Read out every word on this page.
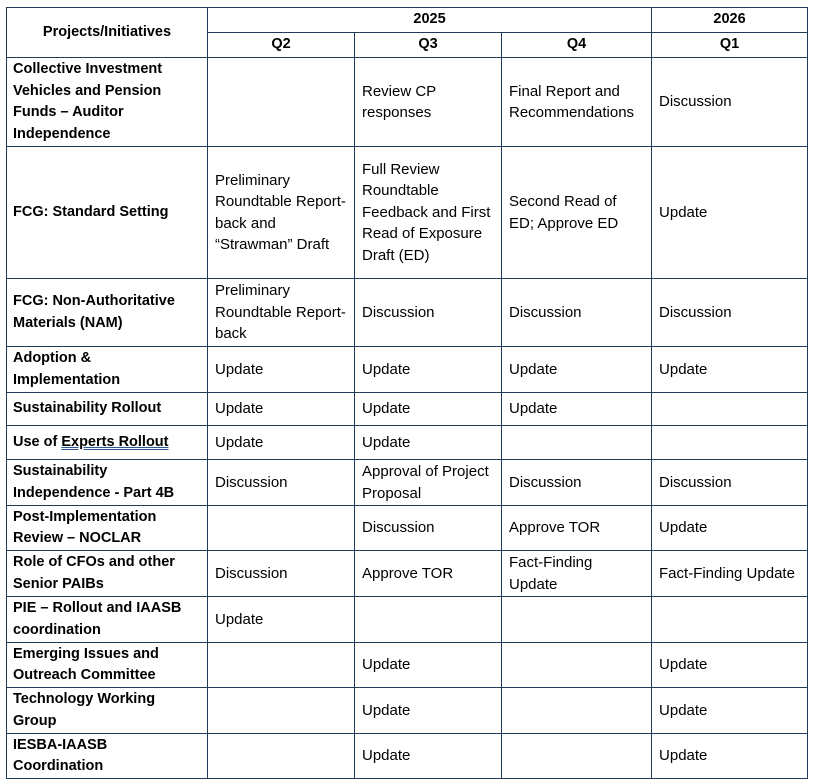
Projects/Initiatives	2025			2026
	Q2	Q3	Q4	Q1
Collective Investment Vehicles and Pension Funds – Auditor Independence		Review CP responses	Final Report and Recommendations	Discussion
FCG: Standard Setting	Preliminary Roundtable Report-back and “Strawman” Draft	Full Review Roundtable Feedback and First Read of Exposure Draft (ED)	Second Read of ED; Approve ED	Update
FCG: Non-Authoritative Materials (NAM)	Preliminary Roundtable Report-back	Discussion	Discussion	Discussion
Adoption & Implementation	Update	Update	Update	Update
Sustainability Rollout	Update	Update	Update	
Use of Experts Rollout	Update	Update		
Sustainability Independence - Part 4B	Discussion	Approval of Project Proposal	Discussion	Discussion
Post-Implementation Review – NOCLAR		Discussion	Approve TOR	Update
Role of CFOs and other Senior PAIBs	Discussion	Approve TOR	Fact-Finding Update	Fact-Finding Update
PIE – Rollout and IAASB coordination	Update			
Emerging Issues and Outreach Committee		Update		Update
Technology Working Group		Update		Update
IESBA-IAASB Coordination		Update		Update
